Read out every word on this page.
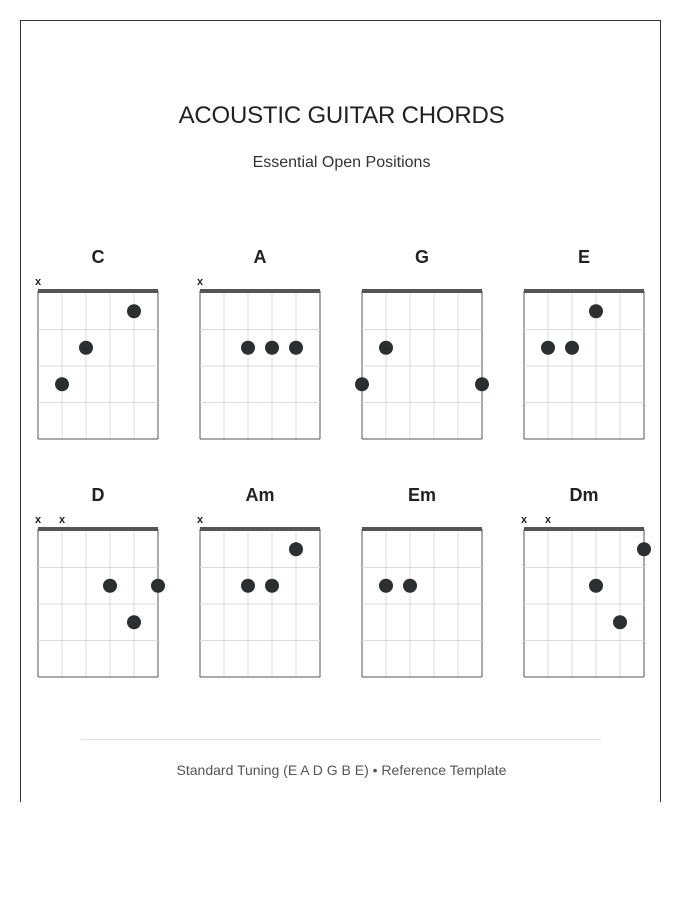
ACOUSTIC GUITAR CHORDS
Essential Open Positions
C
x
A
x
G	E
D
x x
Am
x
Em	Dm
x x
Standard Tuning (E A D G B E) • Reference Template
